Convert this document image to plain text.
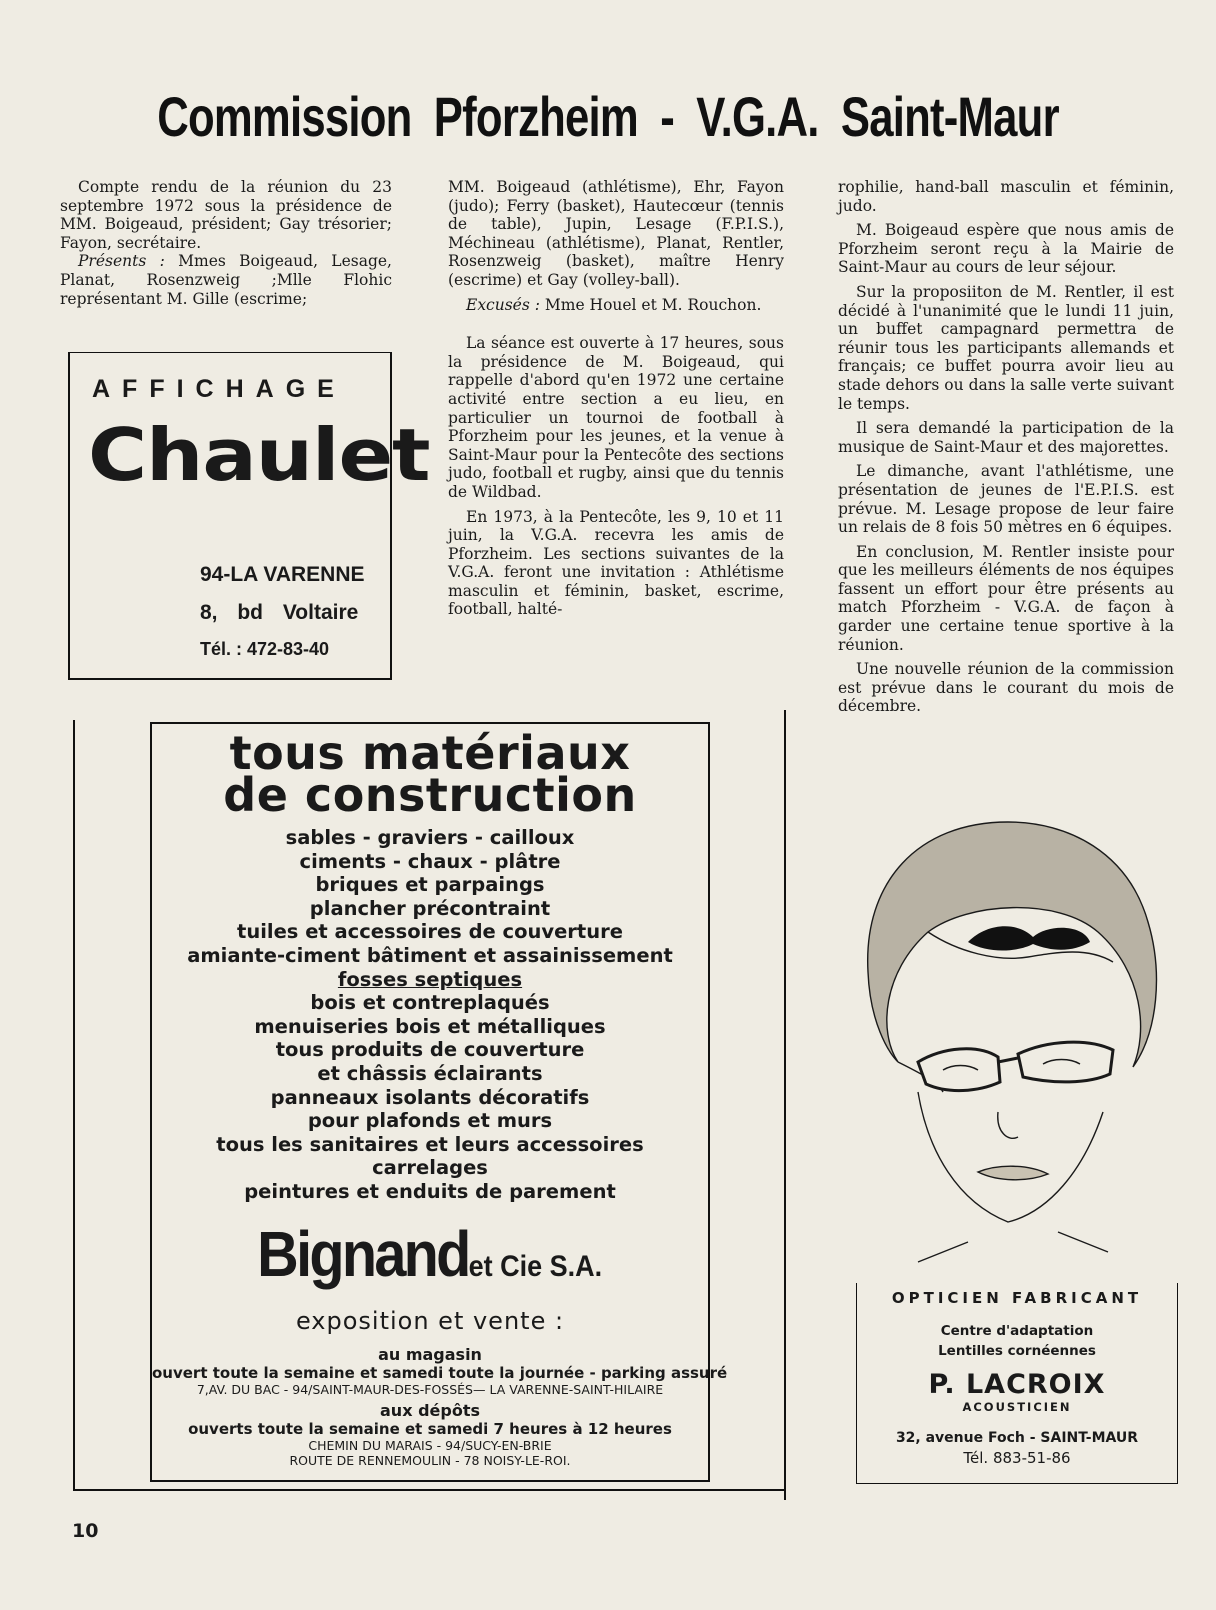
Commission Pforzheim - V.G.A. Saint-Maur

Compte rendu de la réunion du 23 septembre 1972 sous la présidence de MM. Boigeaud, président; Gay trésorier; Fayon, secrétaire.

Présents : Mmes Boigeaud, Lesage, Planat, Rosenzweig ;Mlle Flohic représentant M. Gille (escrime;

MM. Boigeaud (athlétisme), Ehr, Fayon (judo); Ferry (basket), Hautecœur (tennis de table), Jupin, Lesage (F.P.I.S.), Méchineau (athlétisme), Planat, Rentler, Rosenzweig (basket), maître Henry (escrime) et Gay (volley-ball).

Excusés : Mme Houel et M. Rouchon.

La séance est ouverte à 17 heures, sous la présidence de M. Boigeaud, qui rappelle d'abord qu'en 1972 une certaine activité entre section a eu lieu, en particulier un tournoi de football à Pforzheim pour les jeunes, et la venue à Saint-Maur pour la Pentecôte des sections judo, football et rugby, ainsi que du tennis de Wildbad.

En 1973, à la Pentecôte, les 9, 10 et 11 juin, la V.G.A. recevra les amis de Pforzheim. Les sections suivantes de la V.G.A. feront une invitation : Athlétisme masculin et féminin, basket, escrime, football, halté-

rophilie, hand-ball masculin et féminin, judo.

M. Boigeaud espère que nous amis de Pforzheim seront reçu à la Mairie de Saint-Maur au cours de leur séjour.

Sur la proposiiton de M. Rentler, il est décidé à l'unanimité que le lundi 11 juin, un buffet campagnard permettra de réunir tous les participants allemands et français; ce buffet pourra avoir lieu au stade dehors ou dans la salle verte suivant le temps.

Il sera demandé la participation de la musique de Saint-Maur et des majorettes.

Le dimanche, avant l'athlétisme, une présentation de jeunes de l'E.P.I.S. est prévue. M. Lesage propose de leur faire un relais de 8 fois 50 mètres en 6 équipes.

En conclusion, M. Rentler insiste pour que les meilleurs éléments de nos équipes fassent un effort pour être présents au match Pforzheim - V.G.A. de façon à garder une certaine tenue sportive à la réunion.

Une nouvelle réunion de la commission est prévue dans le courant du mois de décembre.

AFFICHAGE
Chaulet
94-LA VARENNE
8, bd Voltaire
Tél. : 472-83-40
tous matériaux
de construction
sables - graviers - cailloux
ciments - chaux - plâtre
briques et parpaings
plancher précontraint
tuiles et accessoires de couverture
amiante-ciment bâtiment et assainissement
fosses septiques
bois et contreplaqués
menuiseries bois et métalliques
tous produits de couverture
et châssis éclairants
panneaux isolants décoratifs
pour plafonds et murs
tous les sanitaires et leurs accessoires
carrelages
peintures et enduits de parement
Bignandet Cie S.A.
exposition et vente :
au magasin
ouvert toute la semaine et samedi toute la journée - parking assuré
7,AV. DU BAC - 94/SAINT-MAUR-DES-FOSSÉS— LA VARENNE-SAINT-HILAIRE
aux dépôts
ouverts toute la semaine et samedi 7 heures à 12 heures
CHEMIN DU MARAIS - 94/SUCY-EN-BRIE
ROUTE DE RENNEMOULIN - 78 NOISY-LE-ROI.
OPTICIEN FABRICANT
Centre d'adaptation
Lentilles cornéennes
P. LACROIX
ACOUSTICIEN
32, avenue Foch - SAINT-MAUR
Tél. 883-51-86
10
